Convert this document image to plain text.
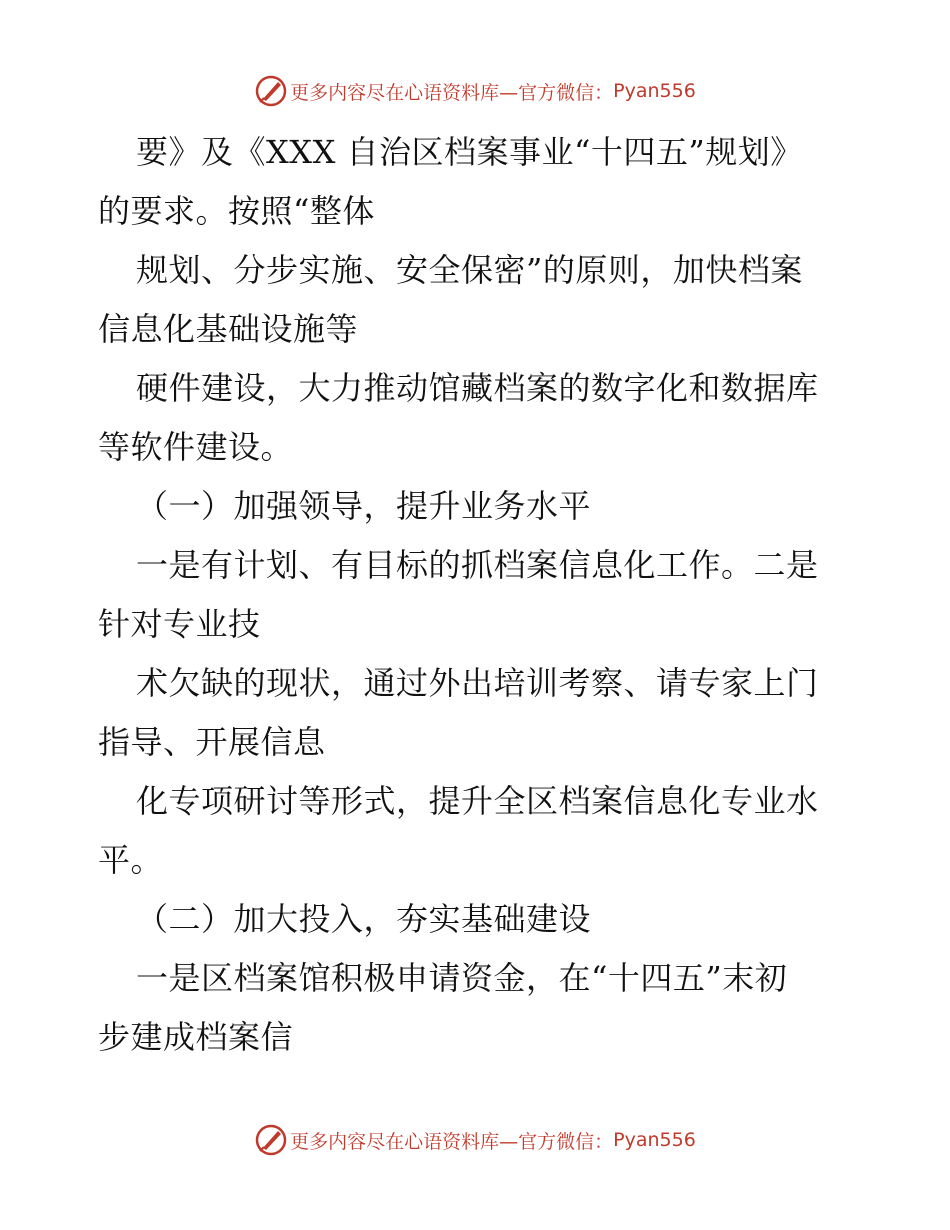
更多内容尽在心语资料库—官方微信： Pyan556

要》及《XXX 自治区档案事业“十四五”规划》
的要求。按照“整体

规划、分步实施、安全保密”的原则，加快档案
信息化基础设施等

硬件建设，大力推动馆藏档案的数字化和数据库
等软件建设。

（一）加强领导，提升业务水平

一是有计划、有目标的抓档案信息化工作。二是
针对专业技

术欠缺的现状，通过外出培训考察、请专家上门
指导、开展信息

化专项研讨等形式，提升全区档案信息化专业水
平。

（二）加大投入，夯实基础建设

一是区档案馆积极申请资金，在“十四五”末初
步建成档案信

更多内容尽在心语资料库—官方微信： Pyan556
